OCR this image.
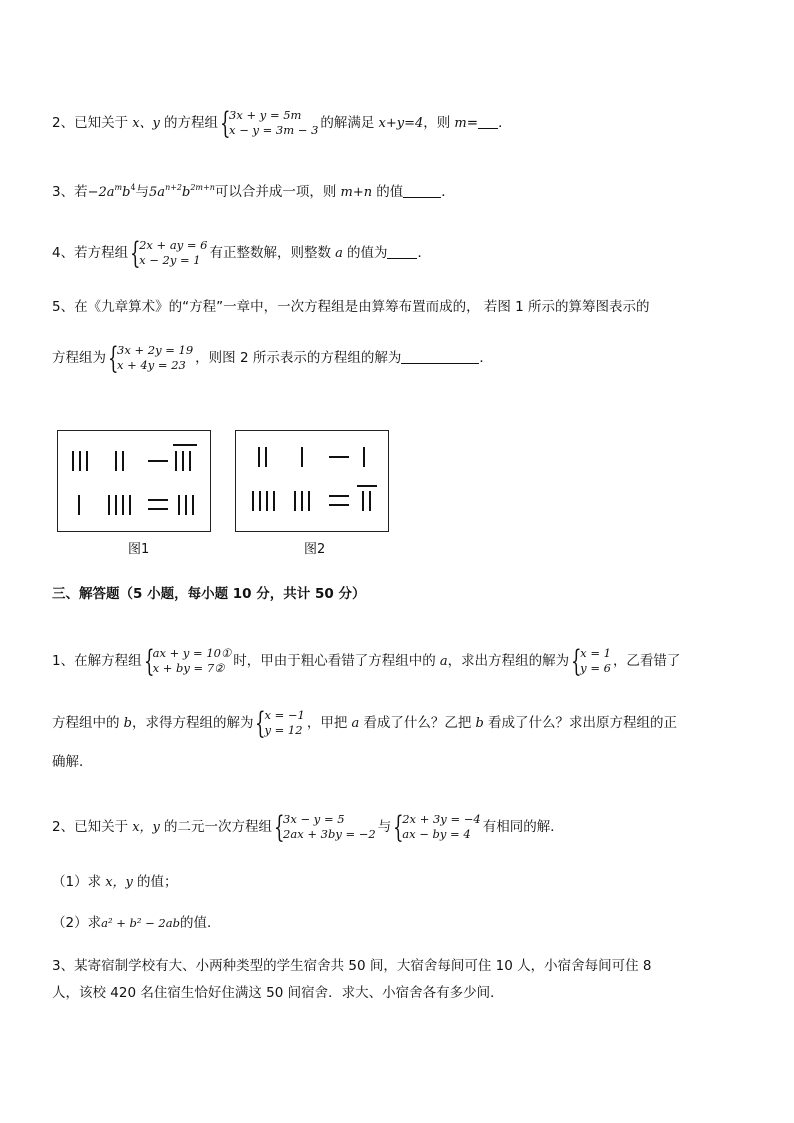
2、已知关于 x、y 的方程组 {
3x + y = 5m
x − y = 3m − 3 的解满足 x+y=4，则 m= ．
3、若$-2a^mb^4$与$5a^{n+2}b^{2m+n}$可以合并成一项，则 m+n 的值	．
4、若方程组 {
2x + ay = 6
x − 2y = 1 有正整数解，则整数 a 的值为 ．
5、在《九章算术》的“方程”一章中，一次方程组是由算筹布置而成的， 若图 1 所示的算筹图表示的
方程组为 {
3x + 2y = 19
x + 4y = 23 ，则图 2 所示表示的方程组的解为	．
图1	图2
三、解答题（5 小题，每小题 10 分，共计 50 分）
1、在解方程组 {
ax + y = 10①
x + by = 7② 时，甲由于粗心看错了方程组中的 a，求出方程组的解为 {
x = 1
y = 6 ，乙看错了
方程组中的 b，求得方程组的解为 {
x = −1
y = 12 ，甲把 a 看成了什么？乙把 b 看成了什么？求出原方程组的正
确解．
2、已知关于 x，y 的二元一次方程组 {
3x − y = 5
2ax + 3by = −2 与 {
2x + 3y = −4
ax − by = 4 有相同的解．
（1）求 x，y 的值；
（2）求a² + b² − 2ab的值．
3、某寄宿制学校有大、小两种类型的学生宿舍共 50 间，大宿舍每间可住 10 人，小宿舍每间可住 8
人，该校 420 名住宿生恰好住满这 50 间宿舍．求大、小宿舍各有多少间．
